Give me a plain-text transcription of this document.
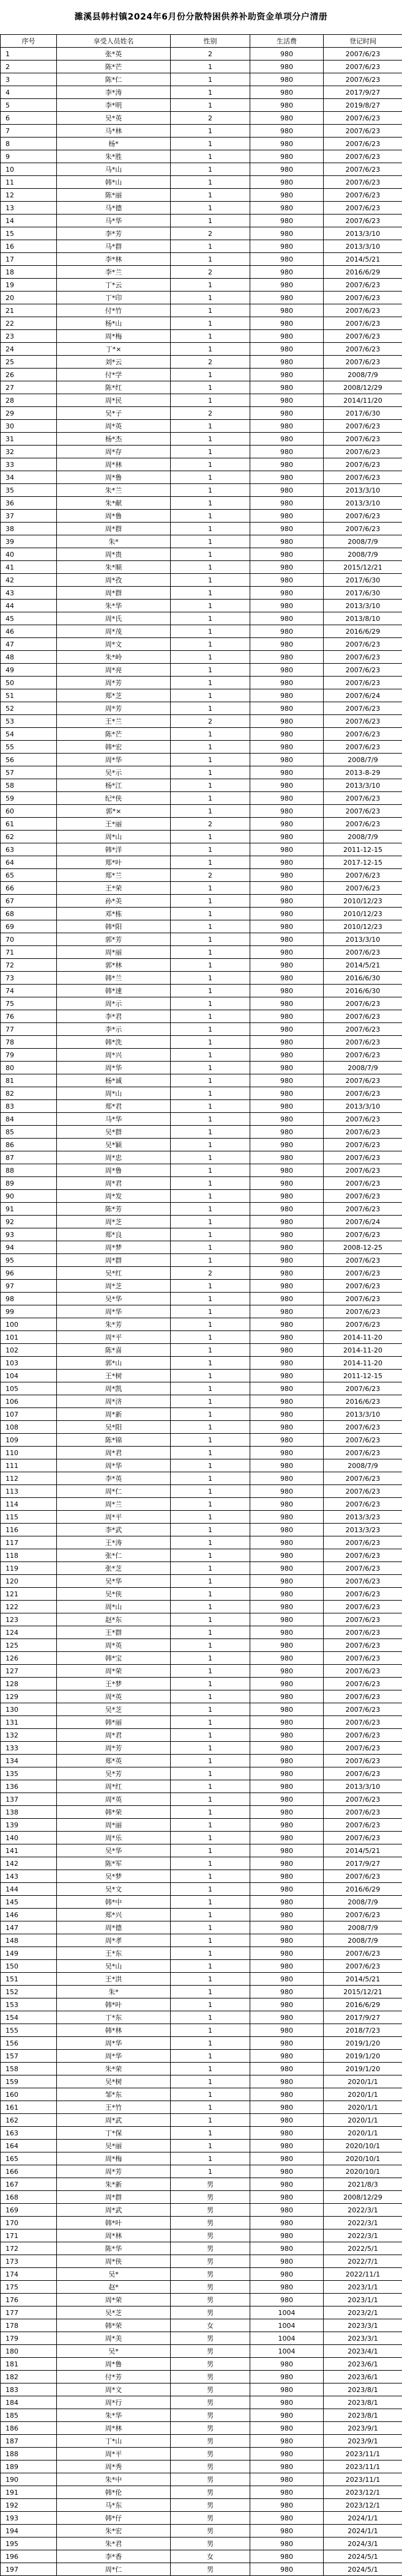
濉溪县韩村镇2024年6月份分散特困供养补助资金单项分户清册
序号	享受人员姓名	性别	生活费	登记时间
1	张*英	2	980	2007/6/23
2	陈*芒	1	980	2007/6/23
3	陈*仁	1	980	2007/6/23
4	李*涛	1	980	2017/9/27
5	李*明	1	980	2019/8/27
6	吴*英	2	980	2007/6/23
7	马*林	1	980	2007/6/23
8	杨*	1	980	2007/6/23
9	朱*胜	1	980	2007/6/23
10	马*山	1	980	2007/6/23
11	韩*山	1	980	2007/6/23
12	陈*丽	1	980	2007/6/23
13	马*德	1	980	2007/6/23
14	马*华	1	980	2007/6/23
15	李*芳	2	980	2013/3/10
16	马*群	1	980	2013/3/10
17	李*林	1	980	2014/5/21
18	李*兰	2	980	2016/6/29
19	丁*云	1	980	2007/6/23
20	丁*印	1	980	2007/6/23
21	付*竹	1	980	2007/6/23
22	杨*山	1	980	2007/6/23
23	周*梅	1	980	2007/6/23
24	丁*×	1	980	2007/6/23
25	刘*云	2	980	2007/6/23
26	付*学	1	980	2008/7/9
27	陈*红	1	980	2008/12/29
28	周*民	1	980	2014/11/20
29	吴*子	2	980	2017/6/30
30	周*英	1	980	2007/6/23
31	杨*杰	1	980	2007/6/23
32	周*存	1	980	2007/6/23
33	周*林	1	980	2007/6/23
34	周*鲁	1	980	2007/6/23
35	朱*兰	1	980	2013/3/10
36	朱*献	1	980	2013/3/10
37	周*鲁	1	980	2007/6/23
38	周*群	1	980	2007/6/23
39	朱*	1	980	2008/7/9
40	周*贵	1	980	2008/7/9
41	朱*顺	1	980	2015/12/21
42	周*孜	1	980	2017/6/30
43	周*群	1	980	2017/6/30
44	朱*华	1	980	2013/3/10
45	周*氏	1	980	2013/8/10
46	周*茂	1	980	2016/6/29
47	周*文	1	980	2007/6/23
48	朱*岭	1	980	2007/6/23
49	周*亮	1	980	2007/6/23
50	周*芳	1	980	2007/6/23
51	郑*芝	1	980	2007/6/24
52	周*芳	1	980	2007/6/23
53	王*兰	2	980	2007/6/23
54	陈*芒	1	980	2007/6/23
55	韩*宏	1	980	2007/6/23
56	周*华	1	980	2008/7/9
57	吴*示	1	980	2013-8-29
58	杨*江	1	980	2013/3/10
59	纪*侠	1	980	2007/6/23
60	郭*×	1	980	2007/6/23
61	王*丽	2	980	2007/6/23
62	周*山	1	980	2008/7/9
63	韩*洋	1	980	2011-12-15
64	郑*叶	1	980	2017-12-15
65	郑*兰	2	980	2007/6/23
66	王*荣	1	980	2007/6/23
67	孙*美	1	980	2010/12/23
68	邓*栋	1	980	2010/12/23
69	韩*阳	1	980	2010/12/23
70	郭*芳	1	980	2013/3/10
71	周*丽	1	980	2007/6/23
72	郭*林	1	980	2014/5/21
73	韩*兰	1	980	2016/6/30
74	韩*速	1	980	2016/6/30
75	周*示	1	980	2007/6/23
76	李*君	1	980	2007/6/23
77	李*示	1	980	2007/6/23
78	韩*洗	1	980	2007/6/23
79	周*兴	1	980	2007/6/23
80	周*华	1	980	2008/7/9
81	杨*诚	1	980	2007/6/23
82	周*山	1	980	2007/6/23
83	郑*君	1	980	2013/3/10
84	马*华	1	980	2007/6/23
85	吴*群	1	980	2007/6/23
86	吴*颖	1	980	2007/6/23
87	周*忠	1	980	2007/6/23
88	周*鲁	1	980	2007/6/23
89	周*君	1	980	2007/6/23
90	周*发	1	980	2007/6/23
91	陈*芳	1	980	2007/6/23
92	周*芝	1	980	2007/6/24
93	郑*良	1	980	2007/6/23
94	周*梦	1	980	2008-12-25
95	周*群	1	980	2007/6/23
96	吴*红	2	980	2007/6/23
97	周*芝	1	980	2007/6/23
98	吴*华	1	980	2007/6/23
99	周*华	1	980	2007/6/23
100	朱*芳	1	980	2007/6/23
101	周*平	1	980	2014-11-20
102	陈*喜	1	980	2014-11-20
103	郭*山	1	980	2014-11-20
104	王*树	1	980	2011-12-15
105	周*凯	1	980	2007/6/23
106	周*济	1	980	2016/6/23
107	周*新	1	980	2013/3/10
108	吴*阳	1	980	2007/6/23
109	陈*锦	1	980	2007/6/23
110	周*君	1	980	2007/6/23
111	周*华	1	980	2008/7/9
112	李*英	1	980	2007/6/23
113	周*仁	1	980	2007/6/23
114	周*兰	1	980	2007/6/23
115	周*平	1	980	2013/3/23
116	李*武	1	980	2013/3/23
117	王*涛	1	980	2007/6/23
118	张*仁	1	980	2007/6/23
119	张*芝	1	980	2007/6/23
120	吴*华	1	980	2007/6/23
121	吴*侠	1	980	2007/6/23
122	周*山	1	980	2007/6/23
123	赵*东	1	980	2007/6/23
124	王*群	1	980	2007/6/23
125	周*英	1	980	2007/6/23
126	韩*宝	1	980	2007/6/23
127	周*荣	1	980	2007/6/23
128	王*梦	1	980	2007/6/23
129	周*英	1	980	2007/6/23
130	吴*芝	1	980	2007/6/23
131	韩*丽	1	980	2007/6/23
132	周*君	1	980	2007/6/23
133	周*芳	1	980	2007/6/23
134	郑*英	1	980	2007/6/23
135	吴*芳	1	980	2007/6/23
136	周*红	1	980	2013/3/10
137	周*英	1	980	2007/6/23
138	韩*荣	1	980	2007/6/23
139	周*丽	1	980	2007/6/23
140	周*乐	1	980	2007/6/23
141	吴*华	1	980	2014/5/21
142	陈*军	1	980	2017/9/27
143	吴*梦	1	980	2007/6/23
144	吴*文	1	980	2016/6/29
145	韩*中	1	980	2008/7/9
146	郑*兴	1	980	2007/6/23
147	周*德	1	980	2008/7/9
148	周*孝	1	980	2008/7/9
149	王*东	1	980	2007/6/23
150	吴*山	1	980	2007/6/23
151	王*洪	1	980	2014/5/21
152	朱*	1	980	2015/12/21
153	韩*叶	1	980	2016/6/29
154	丁*东	1	980	2017/9/27
155	韩*林	1	980	2018/7/23
156	周*华	1	980	2019/1/20
157	周*华	1	980	2019/1/20
158	朱*荣	1	980	2019/1/20
159	吴*树	1	980	2020/1/1
160	邹*东	1	980	2020/1/1
161	王*竹	1	980	2020/1/1
162	周*武	1	980	2020/1/1
163	丁*保	1	980	2020/1/1
164	吴*丽	1	980	2020/10/1
165	周*梅	1	980	2020/10/1
166	周*芳	1	980	2020/10/1
167	朱*新	男	980	2021/8/3
168	周*群	男	980	2008/12/29
169	周*武	男	980	2022/3/1
170	韩*叶	男	980	2022/3/1
171	周*林	男	980	2022/3/1
172	陈*华	男	980	2022/5/1
173	周*侠	男	980	2022/7/1
174	吴*	男	980	2022/11/1
175	赵*	男	980	2023/1/1
176	周*荣	男	980	2023/1/1
177	吴*芝	男	1004	2023/2/1
178	韩*荣	女	1004	2023/3/1
179	周*美	男	1004	2023/3/1
180	吴*	男	1004	2023/4/1
181	周*鲁	男	980	2023/6/1
182	付*芳	男	980	2023/6/1
183	周*文	男	980	2023/8/1
184	周*行	男	980	2023/8/1
185	朱*华	男	980	2023/8/1
186	周*林	男	980	2023/9/1
187	丁*山	男	980	2023/9/1
188	周*平	男	980	2023/11/1
189	周*秀	男	980	2023/11/1
190	朱*中	男	980	2023/11/1
191	韩*伦	男	980	2023/12/1
192	马*东	男	980	2023/12/1
193	韩*仔	男	980	2024/1/1
194	朱*宏	男	980	2024/1/1
195	朱*君	男	980	2024/3/1
196	李*香	女	980	2024/5/1
197	周*仁	男	980	2024/5/1
